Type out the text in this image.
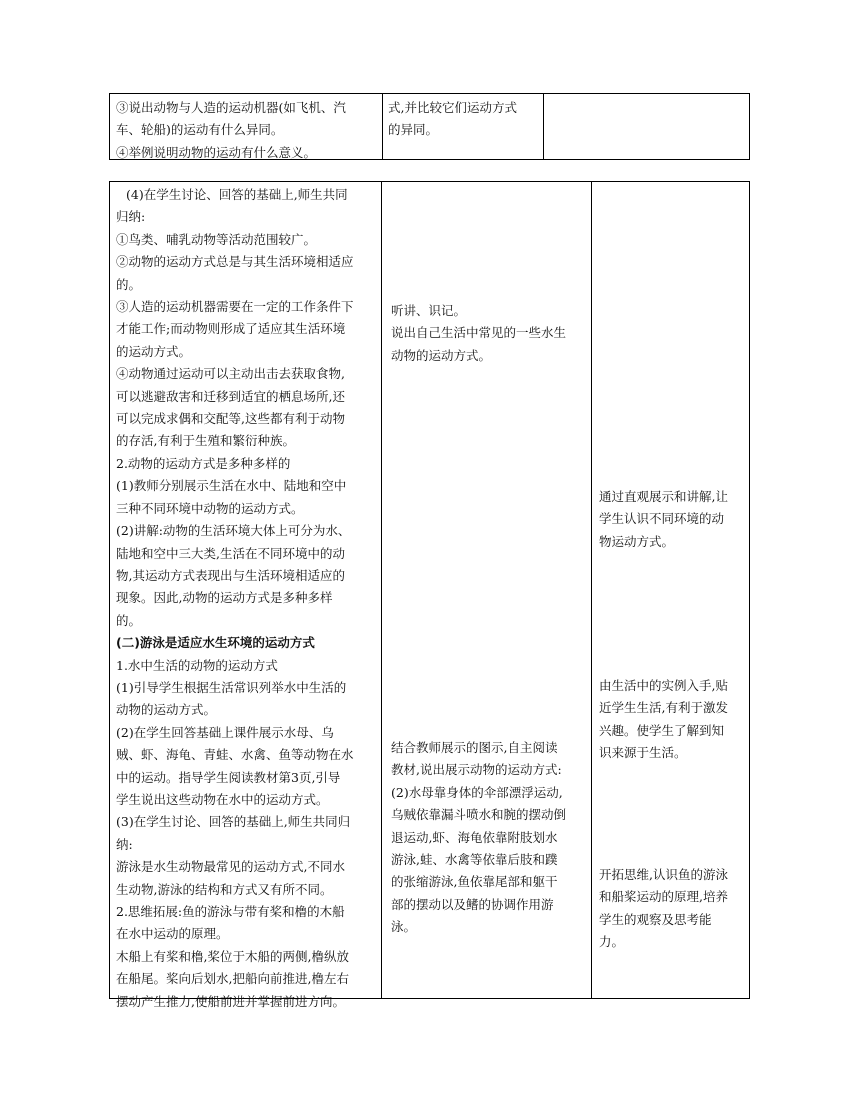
③说出动物与人造的运动机器(如飞机、汽
车、轮船)的运动有什么异同。
④举例说明动物的运动有什么意义。
式,并比较它们运动方式
的异同。
(4)在学生讨论、回答的基础上,师生共同
归纳:
①鸟类、哺乳动物等活动范围较广。
②动物的运动方式总是与其生活环境相适应
的。
③人造的运动机器需要在一定的工作条件下
才能工作;而动物则形成了适应其生活环境
的运动方式。
④动物通过运动可以主动出击去获取食物,
可以逃避敌害和迁移到适宜的栖息场所,还
可以完成求偶和交配等,这些都有利于动物
的存活,有利于生殖和繁衍种族。
2.动物的运动方式是多种多样的
(1)教师分别展示生活在水中、陆地和空中
三种不同环境中动物的运动方式。
(2)讲解:动物的生活环境大体上可分为水、
陆地和空中三大类,生活在不同环境中的动
物,其运动方式表现出与生活环境相适应的
现象。因此,动物的运动方式是多种多样
的。
(二)游泳是适应水生环境的运动方式
1.水中生活的动物的运动方式
(1)引导学生根据生活常识列举水中生活的
动物的运动方式。
(2)在学生回答基础上课件展示水母、乌
贼、虾、海龟、青蛙、水禽、鱼等动物在水
中的运动。指导学生阅读教材第3页,引导
学生说出这些动物在水中的运动方式。
(3)在学生讨论、回答的基础上,师生共同归
纳:
游泳是水生动物最常见的运动方式,不同水
生动物,游泳的结构和方式又有所不同。
2.思维拓展:鱼的游泳与带有桨和橹的木船
在水中运动的原理。
木船上有桨和橹,桨位于木船的两侧,橹纵放
在船尾。桨向后划水,把船向前推进,橹左右
摆动产生推力,使船前进并掌握前进方向。
听讲、识记。
说出自己生活中常见的一些水生
动物的运动方式。
结合教师展示的图示,自主阅读
教材,说出展示动物的运动方式:
(2)水母靠身体的伞部漂浮运动,
乌贼依靠漏斗喷水和腕的摆动倒
退运动,虾、海龟依靠附肢划水
游泳,蛙、水禽等依靠后肢和蹼
的张缩游泳,鱼依靠尾部和躯干
部的摆动以及鳍的协调作用游
泳。
通过直观展示和讲解,让
学生认识不同环境的动
物运动方式。
由生活中的实例入手,贴
近学生生活,有利于激发
兴趣。使学生了解到知
识来源于生活。
开拓思维,认识鱼的游泳
和船桨运动的原理,培养
学生的观察及思考能
力。
